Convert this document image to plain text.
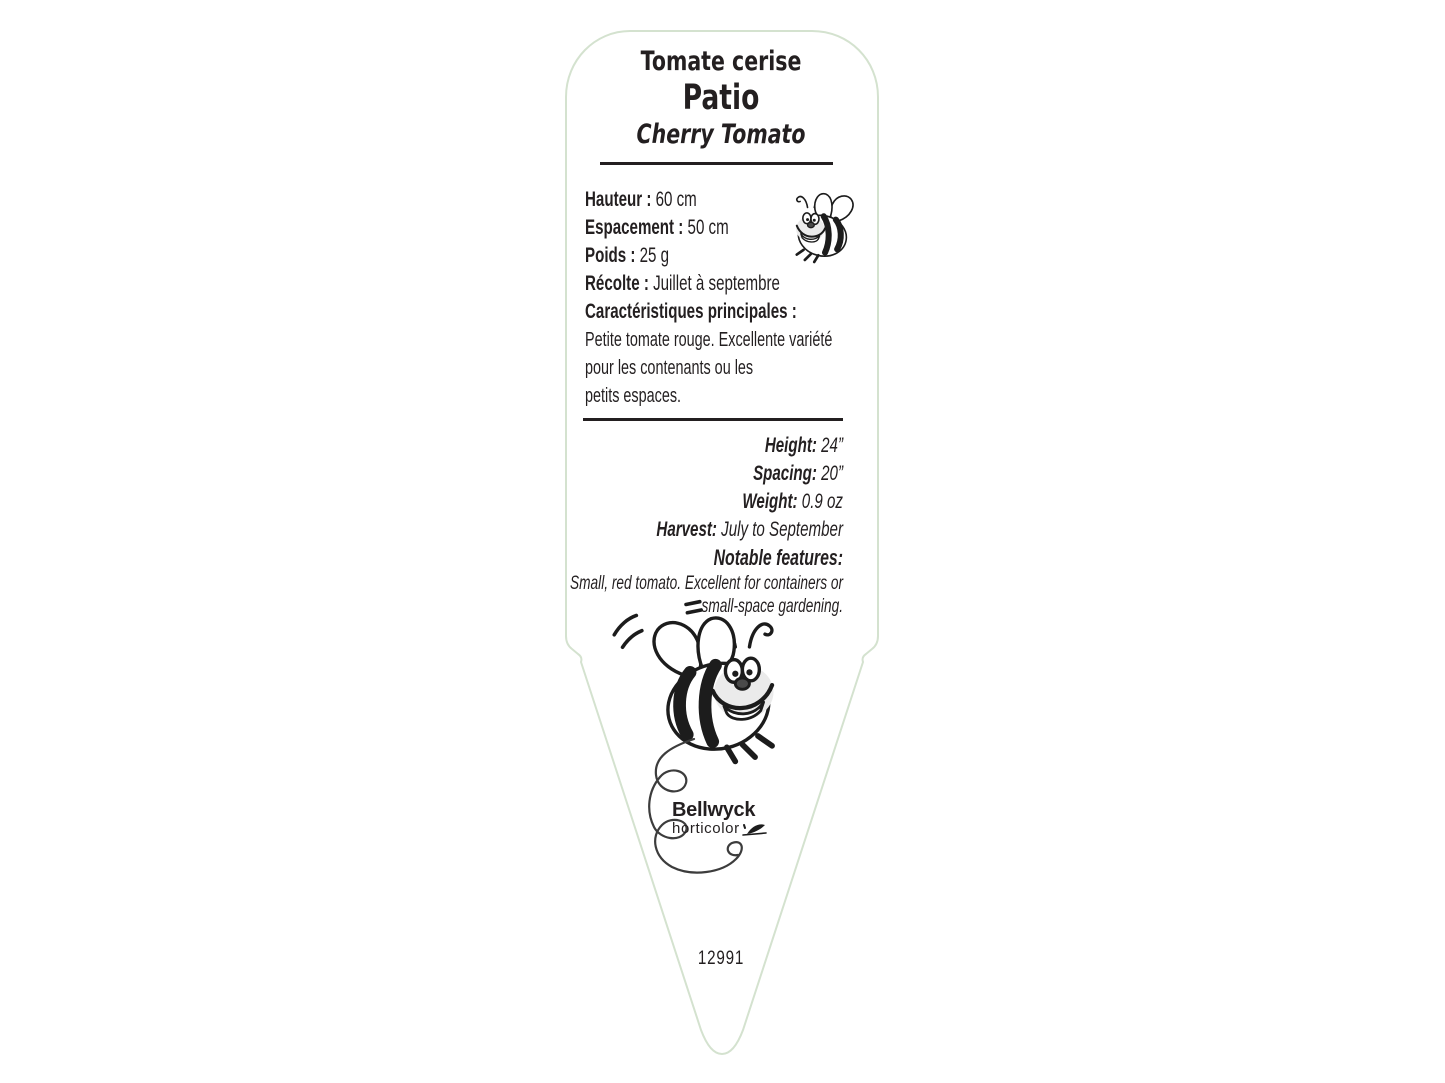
Tomate cerise
Patio
Cherry Tomato
Hauteur : 60 cm
Espacement : 50 cm
Poids : 25 g
Récolte : Juillet à septembre
Caractéristiques principales :
Petite tomate rouge. Excellente variété
pour les contenants ou les
petits espaces.
Height: 24”
Spacing: 20”
Weight: 0.9 oz
Harvest: July to September
Notable features:
Small, red tomato. Excellent for containers or
small-space gardening.
Bellwyck
horticolor
12991
